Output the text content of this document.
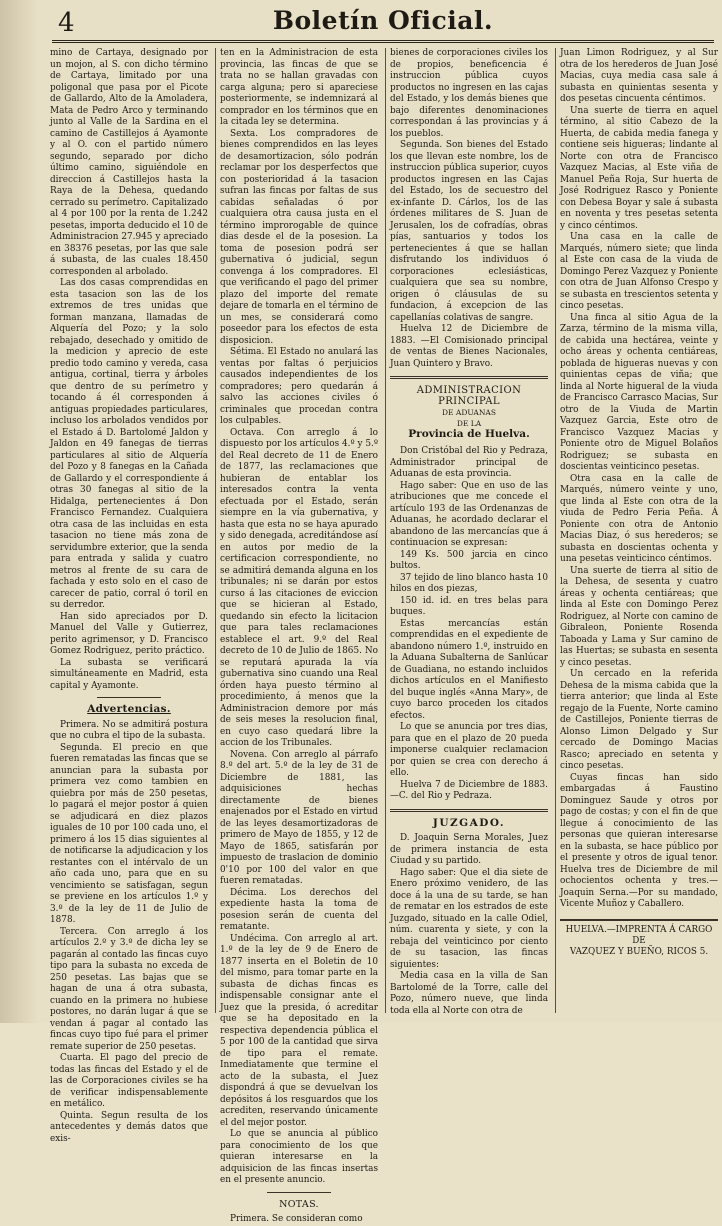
4	Boletín Oficial.

mino de Cartaya, designado por un mojon, al S. con dicho término de Cartaya, limitado por una poligonal que pasa por el Picote de Gallardo, Alto de la Amoladera, Mata de Pedro Arco y terminando junto al Valle de la Sardina en el camino de Castillejos á Ayamonte y al O. con el partido número segundo, separado por dicho último camino, siguiéndole en direccion á Castillejos hasta la Raya de la Dehesa, quedando cerrado su perímetro. Capitalizado al 4 por 100 por la renta de 1.242 pesetas, importa deducido el 10 de Administracion 27.945 y apreciado en 38376 pesetas, por las que sale á subasta, de las cuales 18.450 corresponden al arbolado.

Las dos casas comprendidas en esta tasacion son las de los extremos de tres unidas que forman manzana, llamadas de Alquería del Pozo; y la solo rebajado, desechado y omitido de la medicion y aprecio de este predio todo camino y vereda, casa antigua, cortinal, tierra y árboles que dentro de su perímetro y tocando á él corresponden á antiguas propiedades particulares, incluso los arbolados vendidos por el Estado á D. Bartolomé Jaldon y Jaldon en 49 fanegas de tierras particulares al sitio de Alquería del Pozo y 8 fanegas en la Cañada de Gallardo y el correspondiente á otras 30 fanegas al sitio de la Hidalga, pertenecientes á Don Francisco Fernandez. Cualquiera otra casa de las incluidas en esta tasacion no tiene más zona de servidumbre exterior, que la senda para entrada y salida y cuatro metros al frente de su cara de fachada y esto solo en el caso de carecer de patio, corral ó toril en su derredor.

Han sido apreciados por D. Manuel del Valle y Gutierrez, perito agrimensor, y D. Francisco Gomez Rodriguez, perito práctico.

La subasta se verificará simultáneamente en Madrid, esta capital y Ayamonte.

Advertencias.

Primera. No se admitirá postura que no cubra el tipo de la subasta.

Segunda. El precio en que fueren rematadas las fincas que se anuncian para la subasta por primera vez como tambien en quiebra por más de 250 pesetas, lo pagará el mejor postor á quien se adjudicará en diez plazos iguales de 10 por 100 cada uno, el primero á los 15 dias siguientes al de notificarse la adjudicacion y los restantes con el intérvalo de un año cada uno, para que en su vencimiento se satisfagan, segun se previene en los artículos 1.º y 3.º de la ley de 11 de Julio de 1878.

Tercera. Con arreglo á los artículos 2.º y 3.º de dicha ley se pagarán al contado las fincas cuyo tipo para la subasta no exceda de 250 pesetas. Las bajas que se hagan de una á otra subasta, cuando en la primera no hubiese postores, no darán lugar á que se vendan á pagar al contado las fincas cuyo tipo fué para el primer remate superior de 250 pesetas.

Cuarta. El pago del precio de todas las fincas del Estado y el de las de Corporaciones civiles se ha de verificar indispensablemente en metálico.

Quinta. Segun resulta de los antecedentes y demás datos que exis-

ten en la Administracion de esta provincia, las fincas de que se trata no se hallan gravadas con carga alguna; pero si apareciese posteriormente, se indemnizará al comprador en los términos que en la citada ley se determina.

Sexta. Los compradores de bienes comprendidos en las leyes de desamortizacion, sólo podrán reclamar por los desperfectos que con posterioridad á la tasacion sufran las fincas por faltas de sus cabidas señaladas ó por cualquiera otra causa justa en el término improrogable de quince dias desde el de la posesion. La toma de posesion podrá ser gubernativa ó judicial, segun convenga á los compradores. El que verificando el pago del primer plazo del importe del remate dejare de tomarla en el término de un mes, se considerará como poseedor para los efectos de esta disposicion.

Sétima. El Estado no anulará las ventas por faltas ó perjuicios causados independientes de los compradores; pero quedarán á salvo las acciones civiles ó criminales que procedan contra los culpables.

Octava. Con arreglo á lo dispuesto por los artículos 4.º y 5.º del Real decreto de 11 de Enero de 1877, las reclamaciones que hubieran de entablar los interesados contra la venta efectuada por el Estado, serán siempre en la vía gubernativa, y hasta que esta no se haya apurado y sido denegada, acreditándose así en autos por medio de la certificacion correspondiente, no se admitirá demanda alguna en los tribunales; ni se darán por estos curso á las citaciones de eviccion que se hicieran al Estado, quedando sin efecto la licitacion que para tales reclamaciones establece el art. 9.º del Real decreto de 10 de Julio de 1865. No se reputará apurada la vía gubernativa sino cuando una Real órden haya puesto término al procedimiento, á menos que la Administracion demore por más de seis meses la resolucion final, en cuyo caso quedará libre la accion de los Tribunales.

Novena. Con arreglo al párrafo 8.º del art. 5.º de la ley de 31 de Diciembre de 1881, las adquisiciones hechas directamente de bienes enajenados por el Estado en virtud de las leyes desamortizadoras de primero de Mayo de 1855, y 12 de Mayo de 1865, satisfarán por impuesto de traslacion de dominio 0'10 por 100 del valor en que fueren rematadas.

Décima. Los derechos del expediente hasta la toma de posesion serán de cuenta del rematante.

Undécima. Con arreglo al art. 1.º de la ley de 9 de Enero de 1877 inserta en el Boletin de 10 del mismo, para tomar parte en la subasta de dichas fincas es indispensable consignar ante el Juez que la presida, ó acreditar que se ha depositado en la respectiva dependencia pública el 5 por 100 de la cantidad que sirva de tipo para el remate. Inmediatamente que termine el acto de la subasta, el Juez dispondrá á que se devuelvan los depósitos á los resguardos que los acrediten, reservando únicamente el del mejor postor.

Lo que se anuncia al público para conocimiento de los que quieran interesarse en la adquisicion de las fincas insertas en el presente anuncio.

NOTAS.

Primera. Se consideran como

bienes de corporaciones civiles los de propios, beneficencia é instruccion pública cuyos productos no ingresen en las cajas del Estado, y los demás bienes que bajo diferentes denominaciones correspondan á las provincias y á los pueblos.

Segunda. Son bienes del Estado los que llevan este nombre, los de instruccion pública superior, cuyos productos ingresen en las Cajas del Estado, los de secuestro del ex-infante D. Cárlos, los de las órdenes militares de S. Juan de Jerusalen, los de cofradías, obras pías, santuarios y todos los pertenecientes á que se hallan disfrutando los individuos ó corporaciones eclesiásticas, cualquiera que sea su nombre, origen ó cláusulas de su fundacion, á excepcion de las capellanías colativas de sangre.

Huelva 12 de Diciembre de 1883. —El Comisionado principal de ventas de Bienes Nacionales, Juan Quintero y Bravo.

ADMINISTRACION PRINCIPAL
DE ADUANAS
DE LA
Provincia de Huelva.

Don Cristóbal del Rio y Pedraza, Administrador principal de Aduanas de esta provincia.

Hago saber: Que en uso de las atribuciones que me concede el artículo 193 de las Ordenanzas de Aduanas, he acordado declarar el abandono de las mercancías que á continuacion se expresan:

149 Ks. 500 jarcia en cinco bultos.

37 tejido de lino blanco hasta 10 hilos en dos piezas,

150 id. id. en tres belas para buques.

Estas mercancías están comprendidas en el expediente de abandono número 1.º, instruido en la Aduana Subalterna de Sanlúcar de Guadiana, no estando incluidos dichos artículos en el Manifiesto del buque inglés «Anna Mary», de cuyo barco proceden los citados efectos.

Lo que se anuncia por tres dias, para que en el plazo de 20 pueda imponerse cualquier reclamacion por quien se crea con derecho á ello.

Huelva 7 de Diciembre de 1883. —C. del Rio y Pedraza.

JUZGADO.

D. Joaquin Serna Morales, Juez de primera instancia de esta Ciudad y su partido.

Hago saber: Que el dia siete de Enero próximo venidero, de las doce á la una de su tarde, se han de rematar en los estrados de este Juzgado, situado en la calle Odiel, núm. cuarenta y siete, y con la rebaja del veinticinco por ciento de su tasacion, las fincas siguientes:

Media casa en la villa de San Bartolomé de la Torre, calle del Pozo, número nueve, que linda toda ella al Norte con otra de

Juan Limon Rodriguez, y al Sur otra de los herederos de Juan José Macias, cuya media casa sale á subasta en quinientas sesenta y dos pesetas cincuenta céntimos.

Una suerte de tierra en aquel término, al sitio Cabezo de la Huerta, de cabida media fanega y contiene seis higueras; lindante al Norte con otra de Francisco Vazquez Macias, al Este viña de Manuel Peña Roja, Sur huerta de José Rodriguez Rasco y Poniente con Debesa Boyar y sale á subasta en noventa y tres pesetas setenta y cinco céntimos.

Una casa en la calle de Marqués, número siete; que linda al Este con casa de la viuda de Domingo Perez Vazquez y Poniente con otra de Juan Alfonso Crespo y se subasta en trescientos setenta y cinco pesetas.

Una finca al sitio Agua de la Zarza, término de la misma villa, de cabida una hectárea, veinte y ocho áreas y ochenta centiáreas, poblada de higueras nuevas y con quinientas cepas de viña; que linda al Norte higueral de la viuda de Francisco Carrasco Macias, Sur otro de la Viuda de Martin Vazquez Garcia, Este otro de Francisco Vazquez Macias y Poniente otro de Miguel Bolaños Rodriguez; se subasta en doscientas veinticinco pesetas.

Otra casa en la calle de Marqués, número veinte y uno, que linda al Este con otra de la viuda de Pedro Feria Peña. Á Poniente con otra de Antonio Macias Diaz, ó sus herederos; se subasta en doscientas ochenta y una pesetas veinticinco céntimos.

Una suerte de tierra al sitio de la Dehesa, de sesenta y cuatro áreas y ochenta centiáreas; que linda al Este con Domingo Perez Rodriguez, al Norte con camino de Gibraleon, Poniente Rosenda Taboada y Lama y Sur camino de las Huertas; se subasta en sesenta y cinco pesetas.

Un cercado en la referida Dehesa de la misma cabida que la tierra anterior; que linda al Este regajo de la Fuente, Norte camino de Castillejos, Poniente tierras de Alonso Limon Delgado y Sur cercado de Domingo Macias Rasco; apreciado en setenta y cinco pesetas.

Cuyas fincas han sido embargadas á Faustino Dominguez Saude y otros por pago de costas; y con el fin de que llegue á conocimiento de las personas que quieran interesarse en la subasta, se hace público por el presente y otros de igual tenor. Huelva tres de Diciembre de mil ochocientos ochenta y tres.—Joaquin Serna.—Por su mandado, Vicente Muñoz y Caballero.

HUELVA.—IMPRENTA Á CARGO DE
VAZQUEZ Y BUEÑO, RICOS 5.
